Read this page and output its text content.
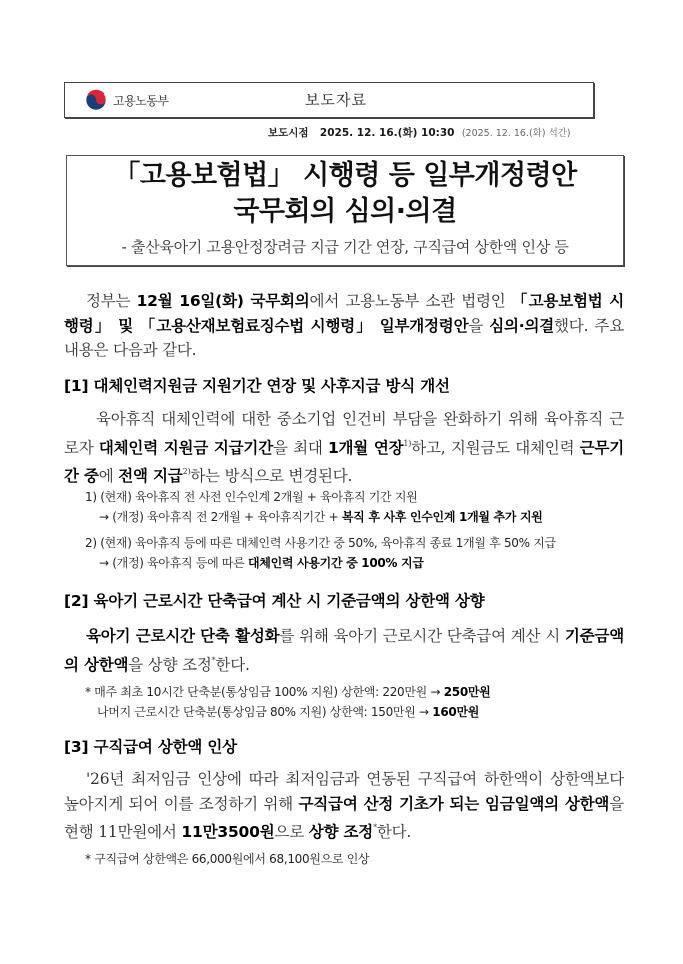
고용노동부	보도자료
보도시점 2025. 12. 16.(화) 10:30 (2025. 12. 16.(화) 석간)
「고용보험법」 시행령 등 일부개정령안
국무회의 심의·의결
- 출산육아기 고용안정장려금 지급 기간 연장, 구직급여 상한액 인상 등
정부는 12월 16일(화) 국무회의에서 고용노동부 소관 법령인 「고용보험법 시행령」 및 「고용산재보험료징수법 시행령」 일부개정령안을 심의·의결했다. 주요 내용은 다음과 같다.
[1] 대체인력지원금 지원기간 연장 및 사후지급 방식 개선
육아휴직 대체인력에 대한 중소기업 인건비 부담을 완화하기 위해 육아휴직 근로자 대체인력 지원금 지급기간을 최대 1개월 연장$^{1)}$하고, 지원금도 대체인력 근무기간 중에 전액 지급$^{2)}$하는 방식으로 변경된다.
1) (현재) 육아휴직 전 사전 인수인계 2개월 + 육아휴직 기간 지원
→ (개정) 육아휴직 전 2개월 + 육아휴직기간 + 복직 후 사후 인수인계 1개월 추가 지원
2) (현재) 육아휴직 등에 따른 대체인력 사용기간 중 50%, 육아휴직 종료 1개월 후 50% 지급
→ (개정) 육아휴직 등에 따른 대체인력 사용기간 중 100% 지급
[2] 육아기 근로시간 단축급여 계산 시 기준금액의 상한액 상향
육아기 근로시간 단축 활성화를 위해 육아기 근로시간 단축급여 계산 시 기준금액의 상한액을 상향 조정*한다.
* 매주 최초 10시간 단축분(통상임금 100% 지원) 상한액: 220만원 → 250만원
나머지 근로시간 단축분(통상임금 80% 지원) 상한액: 150만원 → 160만원
[3] 구직급여 상한액 인상
'26년 최저임금 인상에 따라 최저임금과 연동된 구직급여 하한액이 상한액보다 높아지게 되어 이를 조정하기 위해 구직급여 산정 기초가 되는 임금일액의 상한액을 현행 11만원에서 11만3500원으로 상향 조정*한다.
* 구직급여 상한액은 66,000원에서 68,100원으로 인상
